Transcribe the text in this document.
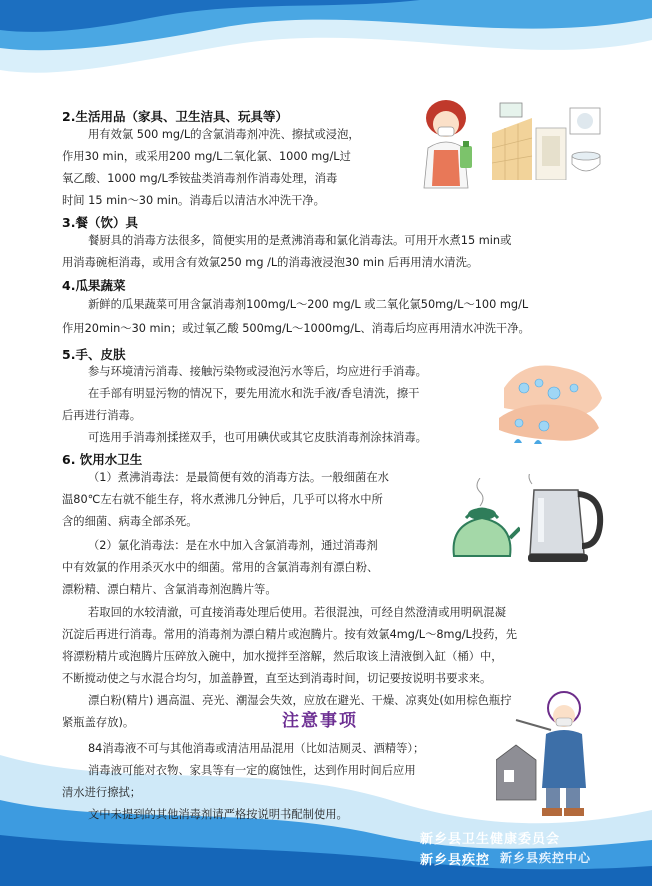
2.生活用品（家具、卫生洁具、玩具等）
用有效氯 500 mg/L的含氯消毒剂冲洗、擦拭或浸泡，
作用30 min，或采用200 mg/L二氧化氯、1000 mg/L过
氧乙酸、1000 mg/L季铵盐类消毒剂作消毒处理，消毒
时间 15 min～30 min。消毒后以清洁水冲洗干净。
3.餐（饮）具
餐厨具的消毒方法很多，简便实用的是煮沸消毒和氯化消毒法。可用开水煮15 min或
用消毒碗柜消毒，或用含有效氯250 mg /L的消毒液浸泡30 min 后再用清水清洗。
4.瓜果蔬菜
新鲜的瓜果蔬菜可用含氯消毒剂100mg/L～200 mg/L 或二氧化氯50mg/L～100 mg/L
作用20min～30 min；或过氧乙酸 500mg/L～1000mg/L、消毒后均应再用清水冲洗干净。
5.手、皮肤
参与环境清污消毒、接触污染物或浸泡污水等后，均应进行手消毒。
在手部有明显污物的情况下，要先用流水和洗手液/香皂清洗，擦干
后再进行消毒。
可选用手消毒剂揉搓双手，也可用碘伏或其它皮肤消毒剂涂抹消毒。
6. 饮用水卫生
（1）煮沸消毒法：是最简便有效的消毒方法。一般细菌在水
温80℃左右就不能生存，将水煮沸几分钟后，几乎可以将水中所
含的细菌、病毒全部杀死。
（2）氯化消毒法：是在水中加入含氯消毒剂，通过消毒剂
中有效氯的作用杀灭水中的细菌。常用的含氯消毒剂有漂白粉、
漂粉精、漂白精片、含氯消毒剂泡腾片等。
若取回的水较清澈，可直接消毒处理后使用。若很混浊，可经自然澄清或用明矾混凝
沉淀后再进行消毒。常用的消毒剂为漂白精片或泡腾片。按有效氯4mg/L～8mg/L投药，先
将漂粉精片或泡腾片压碎放入碗中，加水搅拌至溶解，然后取该上清液倒入缸（桶）中，
不断搅动使之与水混合均匀，加盖静置，直至达到消毒时间，切记要按说明书要求来。
漂白粉(精片) 遇高温、亮光、潮湿会失效，应放在避光、干燥、凉爽处(如用棕色瓶拧
紧瓶盖存放)。	注意事项
84消毒液不可与其他消毒或清洁用品混用（比如洁厕灵、酒精等）；
消毒液可能对衣物、家具等有一定的腐蚀性，达到作用时间后应用
清水进行擦拭；
文中未提到的其他消毒剂请严格按说明书配制使用。
新乡县卫生健康委员会
新乡县疾控 新乡县疾控中心
